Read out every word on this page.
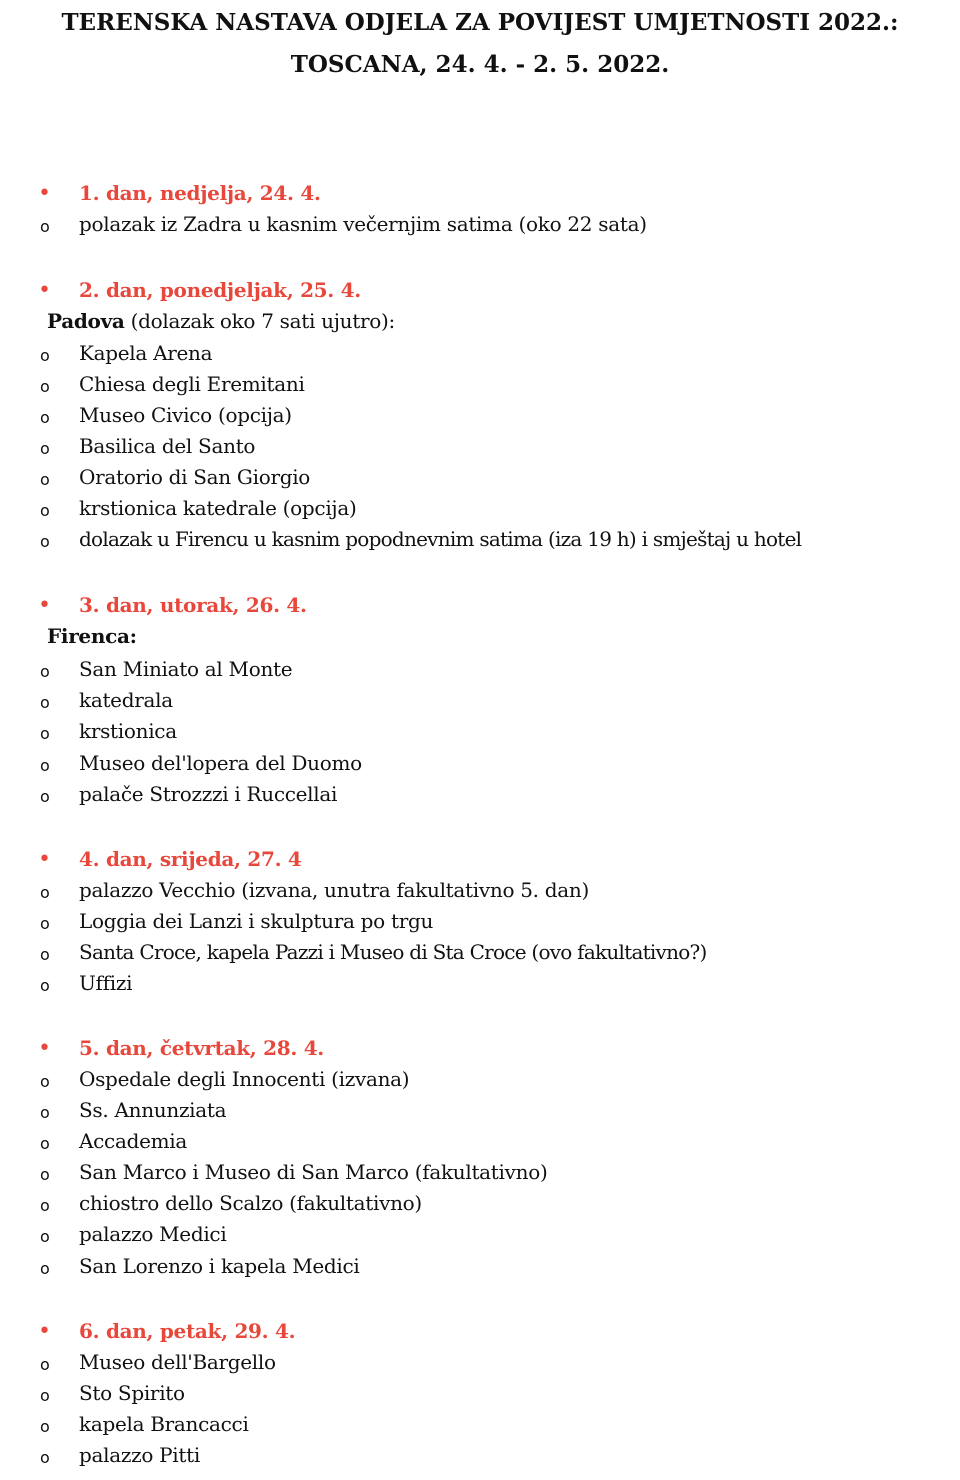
TERENSKA NASTAVA ODJELA ZA POVIJEST UMJETNOSTI 2022.:
TOSCANA, 24. 4. - 2. 5. 2022.
•	1. dan, nedjelja, 24. 4.
o	polazak iz Zadra u kasnim večernjim satima (oko 22 sata)
•	2. dan, ponedjeljak, 25. 4.
Padova (dolazak oko 7 sati ujutro):
o	Kapela Arena
o	Chiesa degli Eremitani
o	Museo Civico (opcija)
o	Basilica del Santo
o	Oratorio di San Giorgio
o	krstionica katedrale (opcija)
o	dolazak u Firencu u kasnim popodnevnim satima (iza 19 h) i smještaj u hotel
•	3. dan, utorak, 26. 4.
Firenca:
o	San Miniato al Monte
o	katedrala
o	krstionica
o	Museo del'lopera del Duomo
o	palače Strozzzi i Ruccellai
•	4. dan, srijeda, 27. 4
o	palazzo Vecchio (izvana, unutra fakultativno 5. dan)
o	Loggia dei Lanzi i skulptura po trgu
o	Santa Croce, kapela Pazzi i Museo di Sta Croce (ovo fakultativno?)
o	Uffizi
•	5. dan, četvrtak, 28. 4.
o	Ospedale degli Innocenti (izvana)
o	Ss. Annunziata
o	Accademia
o	San Marco i Museo di San Marco (fakultativno)
o	chiostro dello Scalzo (fakultativno)
o	palazzo Medici
o	San Lorenzo i kapela Medici
•	6. dan, petak, 29. 4.
o	Museo dell'Bargello
o	Sto Spirito
o	kapela Brancacci
o	palazzo Pitti
